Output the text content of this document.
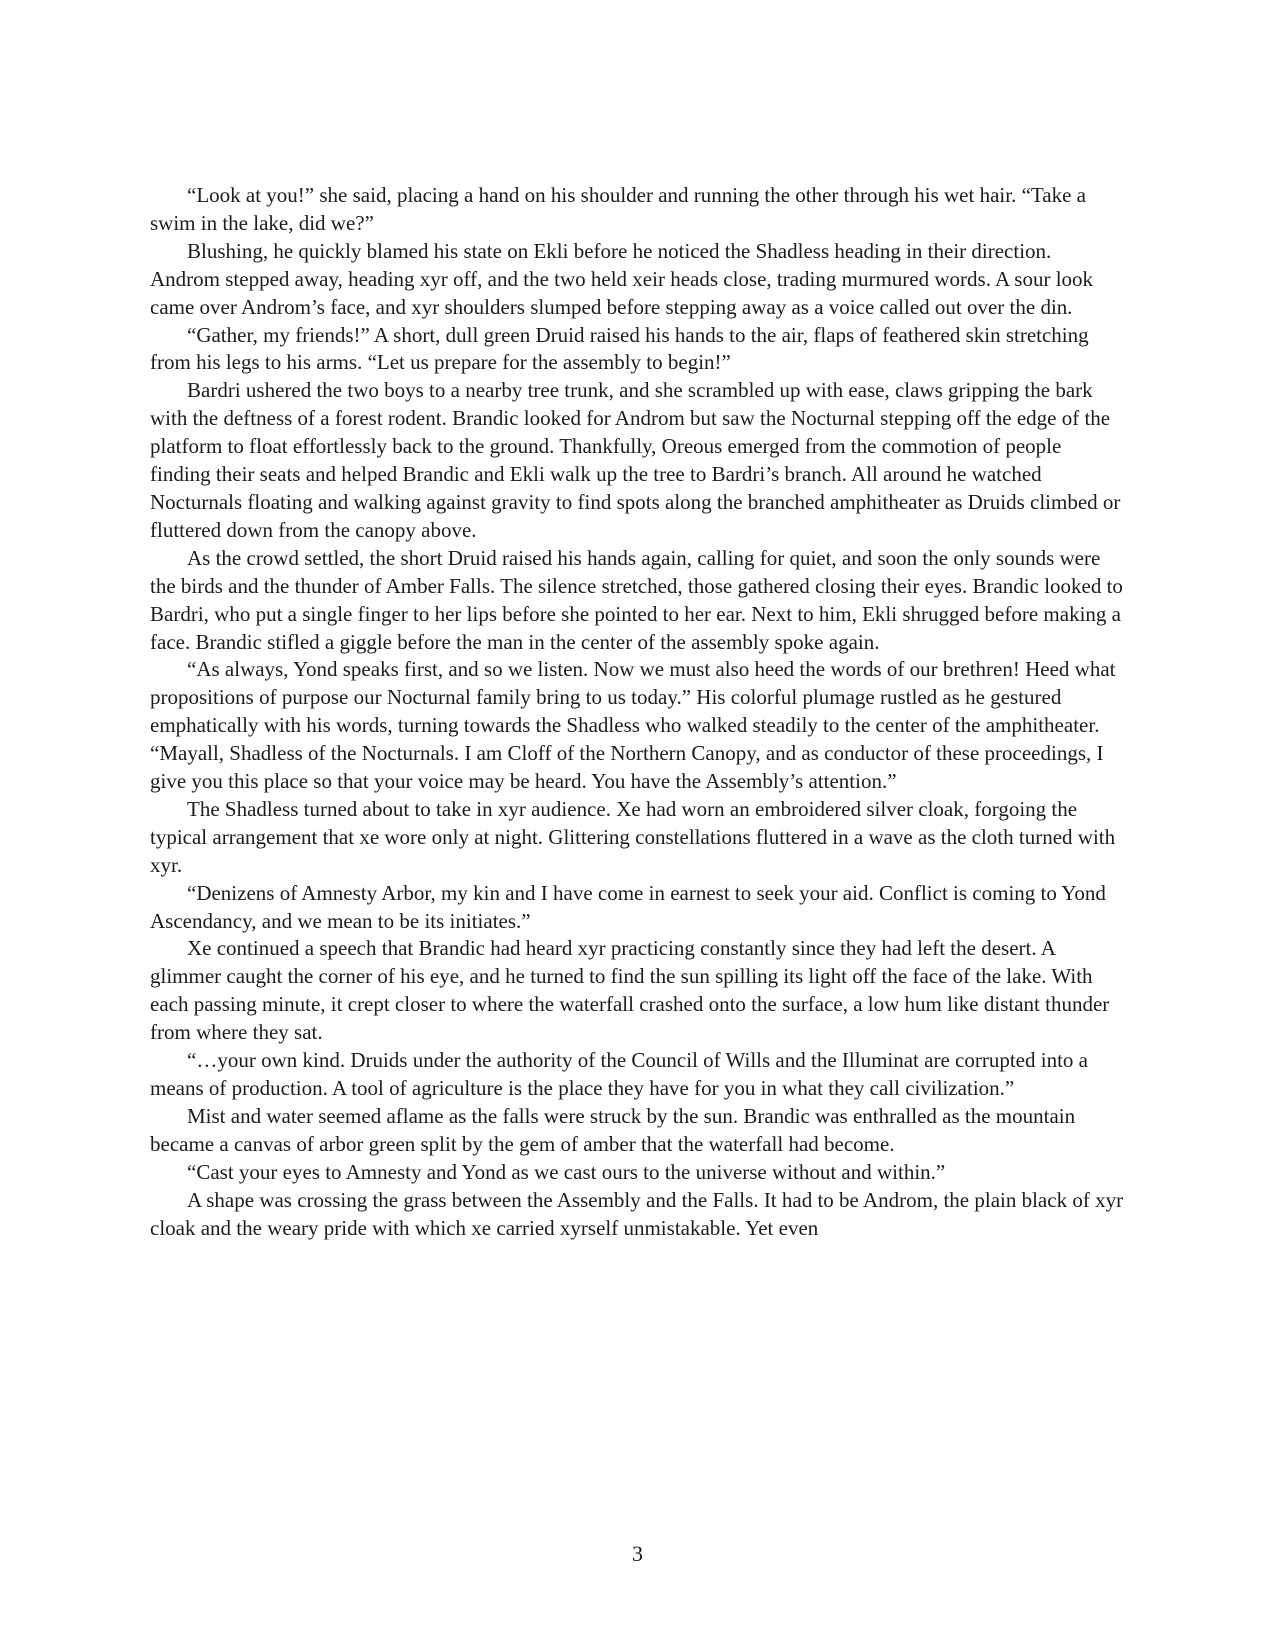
“Look at you!” she said, placing a hand on his shoulder and running the other through his wet hair. “Take a swim in the lake, did we?”

Blushing, he quickly blamed his state on Ekli before he noticed the Shadless heading in their direction. Androm stepped away, heading xyr off, and the two held xeir heads close, trading murmured words. A sour look came over Androm’s face, and xyr shoulders slumped before stepping away as a voice called out over the din.

“Gather, my friends!” A short, dull green Druid raised his hands to the air, flaps of feathered skin stretching from his legs to his arms. “Let us prepare for the assembly to begin!”

Bardri ushered the two boys to a nearby tree trunk, and she scrambled up with ease, claws gripping the bark with the deftness of a forest rodent. Brandic looked for Androm but saw the Nocturnal stepping off the edge of the platform to float effortlessly back to the ground. Thankfully, Oreous emerged from the commotion of people finding their seats and helped Brandic and Ekli walk up the tree to Bardri’s branch. All around he watched Nocturnals floating and walking against gravity to find spots along the branched amphitheater as Druids climbed or fluttered down from the canopy above.

As the crowd settled, the short Druid raised his hands again, calling for quiet, and soon the only sounds were the birds and the thunder of Amber Falls. The silence stretched, those gathered closing their eyes. Brandic looked to Bardri, who put a single finger to her lips before she pointed to her ear. Next to him, Ekli shrugged before making a face. Brandic stifled a giggle before the man in the center of the assembly spoke again.

“As always, Yond speaks first, and so we listen. Now we must also heed the words of our brethren! Heed what propositions of purpose our Nocturnal family bring to us today.” His colorful plumage rustled as he gestured emphatically with his words, turning towards the Shadless who walked steadily to the center of the amphitheater. “Mayall, Shadless of the Nocturnals. I am Cloff of the Northern Canopy, and as conductor of these proceedings, I give you this place so that your voice may be heard. You have the Assembly’s attention.”

The Shadless turned about to take in xyr audience. Xe had worn an embroidered silver cloak, forgoing the typical arrangement that xe wore only at night. Glittering constellations fluttered in a wave as the cloth turned with xyr.

“Denizens of Amnesty Arbor, my kin and I have come in earnest to seek your aid. Conflict is coming to Yond Ascendancy, and we mean to be its initiates.”

Xe continued a speech that Brandic had heard xyr practicing constantly since they had left the desert. A glimmer caught the corner of his eye, and he turned to find the sun spilling its light off the face of the lake. With each passing minute, it crept closer to where the waterfall crashed onto the surface, a low hum like distant thunder from where they sat.

“…your own kind. Druids under the authority of the Council of Wills and the Illuminat are corrupted into a means of production. A tool of agriculture is the place they have for you in what they call civilization.”

Mist and water seemed aflame as the falls were struck by the sun. Brandic was enthralled as the mountain became a canvas of arbor green split by the gem of amber that the waterfall had become.

“Cast your eyes to Amnesty and Yond as we cast ours to the universe without and within.”

A shape was crossing the grass between the Assembly and the Falls. It had to be Androm, the plain black of xyr cloak and the weary pride with which xe carried xyrself unmistakable. Yet even

3
